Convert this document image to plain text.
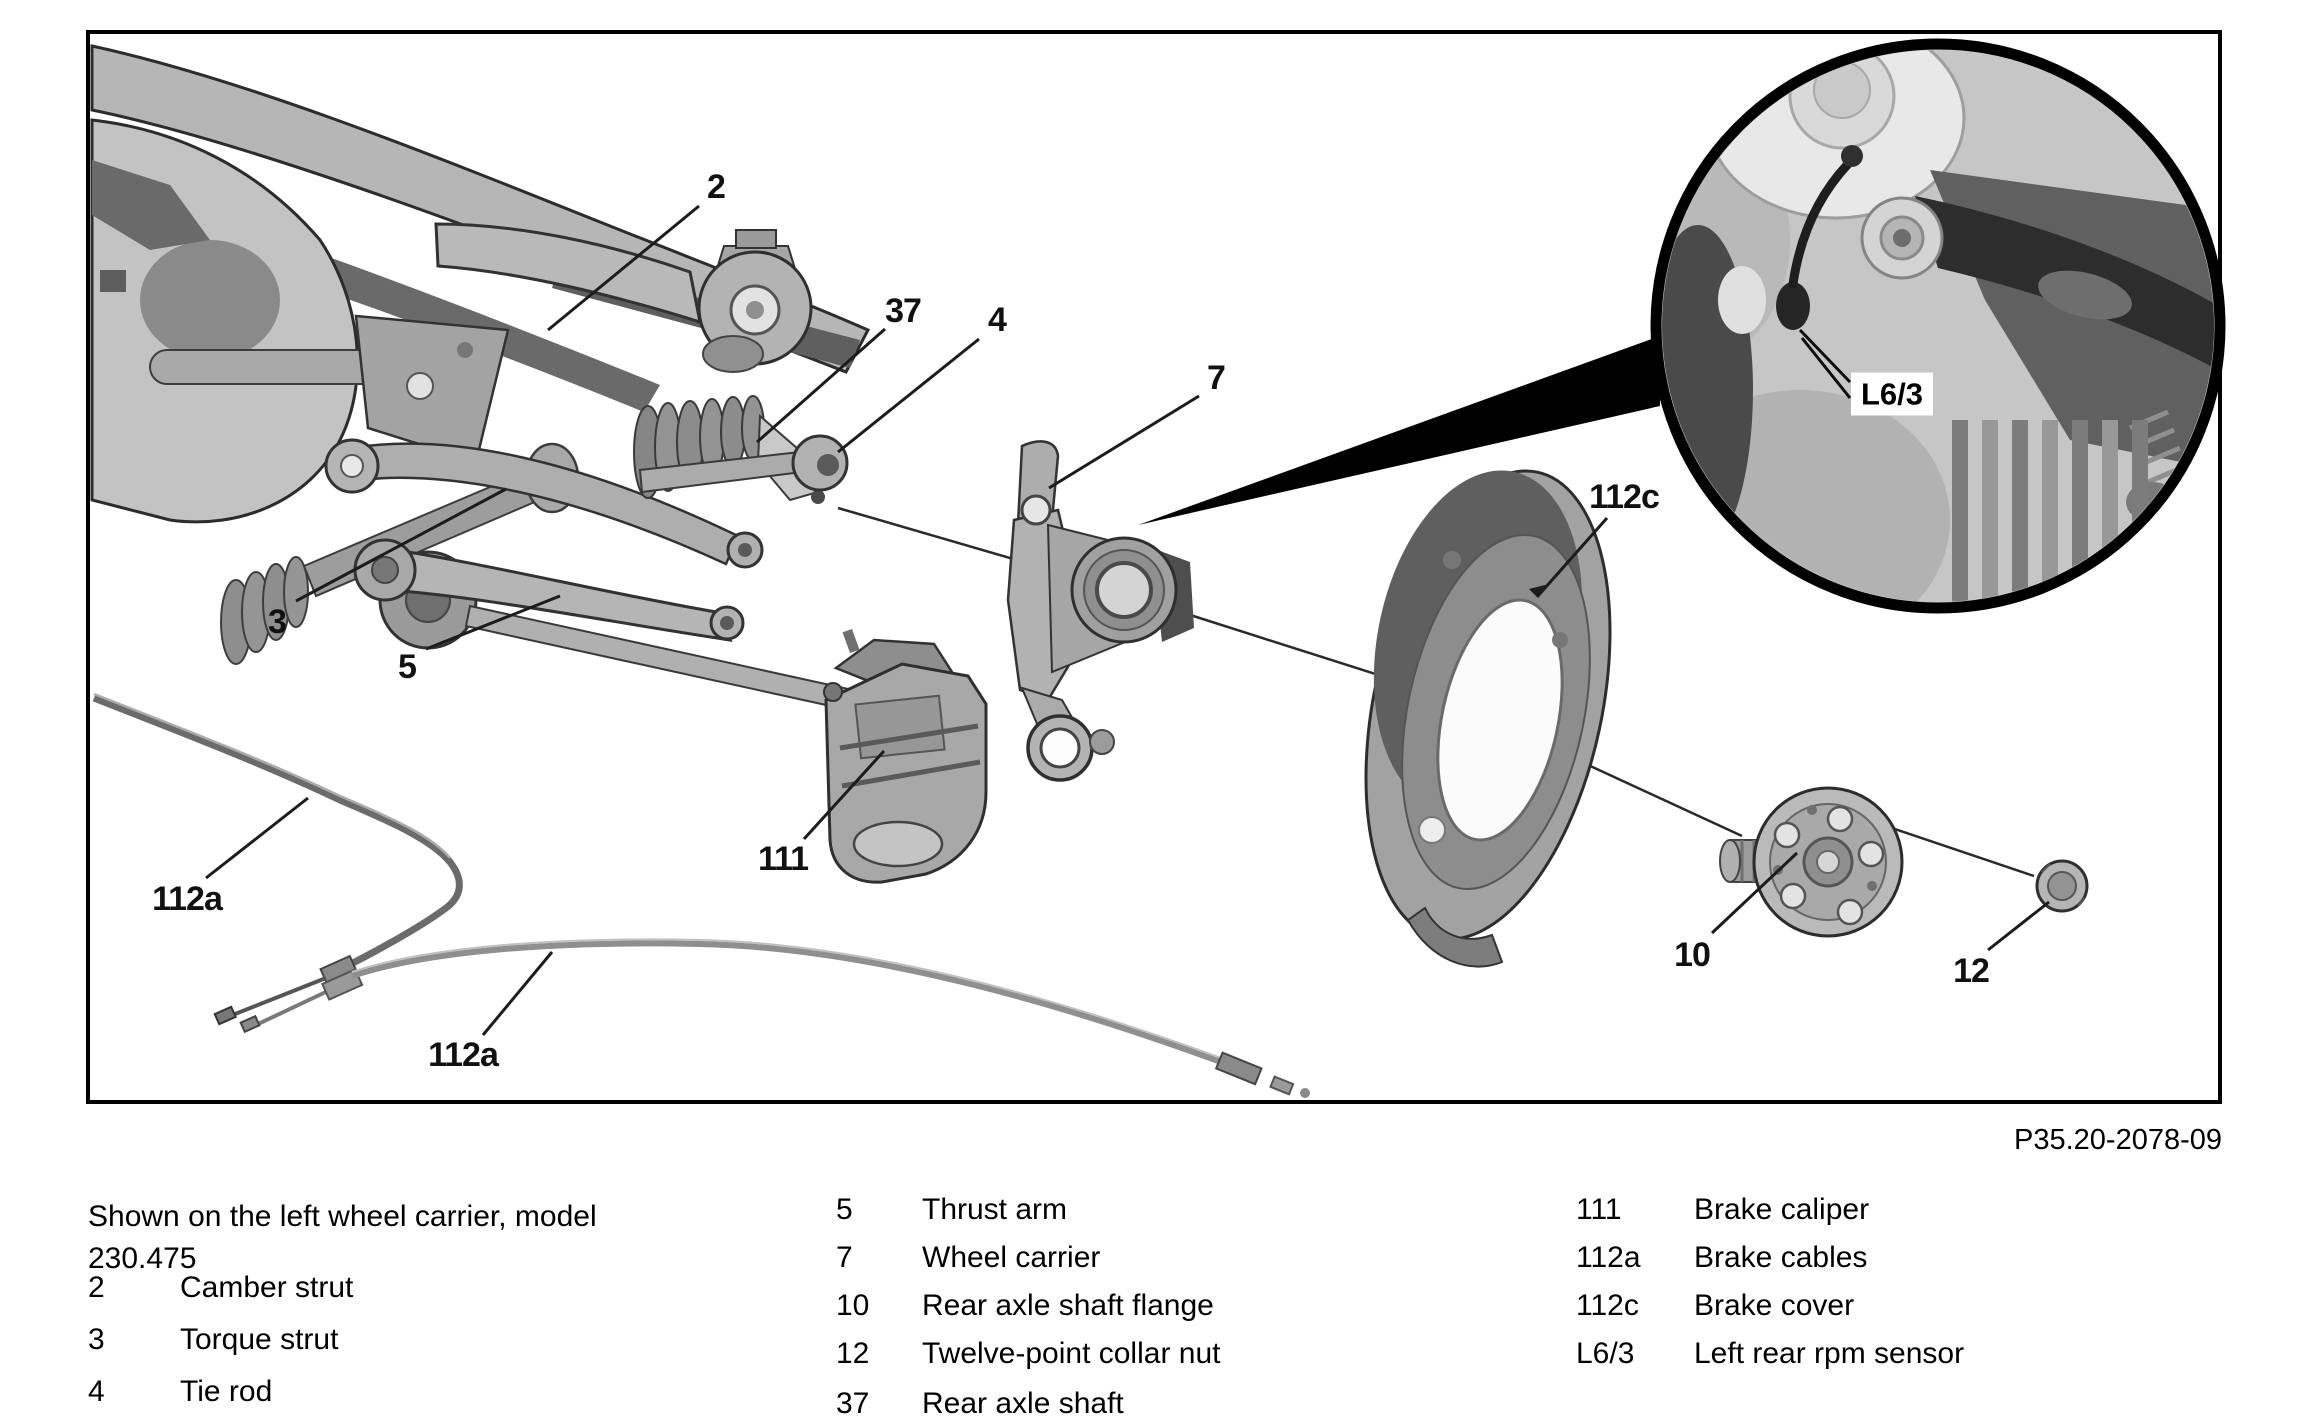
2
3
4
5
7
37
111
112a
112a
112c
10	12
L6/3
P35.20-2078-09
Shown on the left wheel carrier, model
230.475
2	Camber strut
3	Torque strut
4	Tie rod
5 Thrust arm
7 Wheel carrier
10 Rear axle shaft flange
12 Twelve-point collar nut
37 Rear axle shaft
111 Brake caliper
112a Brake cables
112c Brake cover
L6/3 Left rear rpm sensor
